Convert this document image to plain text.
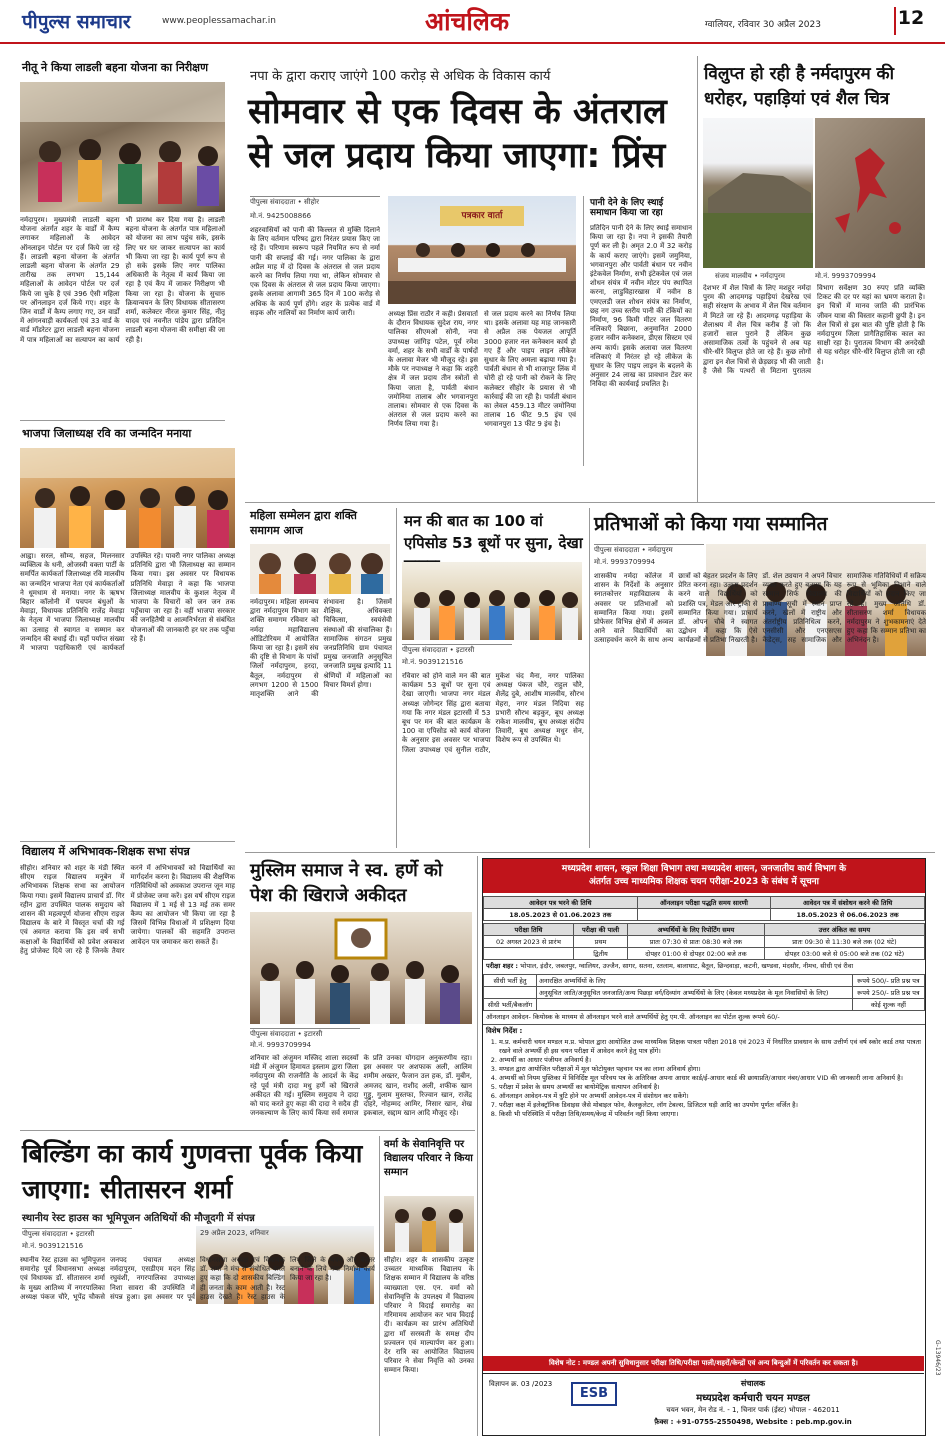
पीपुल्स समाचार	www.peoplessamachar.in	आंचलिक	ग्वालियर, रविवार 30 अप्रैल 2023	12
नीतू ने किया लाडली बहना योजना का निरीक्षण
नर्मदापुरम। मुख्यमंत्री लाडली बहना योजना अंतर्गत शहर के वार्डों में कैम्प लगाकर महिलाओं के आवेदन ऑनलाइन पोर्टल पर दर्ज किये जा रहे हैं। लाडली बहना योजना के अंतर्गत लाडली बहना योजना के अंतर्गत 29 तारीख तक लगभग 15,144 महिलाओं के आवेदन पोर्टल पर दर्ज किये जा चुके है एवं 396 ऐसी महिला पर ऑनलाइन दर्ज किये गए। शहर के जिन वार्डों में कैम्प लगाए गए, उन वार्डों में आंगनवाड़ी कार्यकर्ता एवं 33 वार्ड के वार्ड मॉडरेटर द्वारा लाडली बहना योजना में पात्र महिलाओं का सत्यापन का कार्य भी प्रारम्भ कर दिया गया है। लाडली बहना योजना के अंतर्गत पात्र महिलाओं को योजना का लाभ पहुंच सके, इसके लिए घर घर जाकर सत्यापन का कार्य भी किया जा रहा है। कार्य पूर्ण रूप से हो सके इसके लिए नगर पालिका अधिकारी के नेतृत्व में कार्य किया जा रहा है एवं कैंप में जाकर निरीक्षण भी किया जा रहा है। योजना के सुचारु क्रियान्वयन के लिए विधायक सीतासरण शर्मा, कलेक्टर नीरज कुमार सिंह, नीतू यादव एवं नवनीत पांडेय द्वारा प्रतिदिन लाडली बहना योजना की समीक्षा की जा रही है।
भाजपा जिलाध्यक्ष रवि का जन्मदिन मनाया
आह्वा। सरल, सौम्य, सहज, मिलनसार व्यक्तित्व के धनी, ओजस्वी वक्ता पार्टी के समर्पित कार्यकर्ता जिलाध्यक्ष रवि मालवीय का जन्मदिन भाजपा नेता एवं कार्यकर्ताओं ने धूमधाम से मनाया। नगर के ऋषभ बिहार कॉलोनी में पचपन बंधुओं के मेवाड़ा, विधायक प्रतिनिधि राजेंद्र मेवाड़ा के नेतृत्व में भाजपा जिलाध्यक्ष मालवीय का उत्साह से स्वागत व सम्मान कर जन्मदिन की बधाई दी। यहाँ पर्याप्त संख्या में भाजपा पदाधिकारी एवं कार्यकर्ता उपस्थित रहे। पावरी नगर पालिका अध्यक्ष प्रतिनिधि द्वारा भी जिलाध्यक्ष का सम्मान किया गया। इस अवसर पर विधायक प्रतिनिधि मेवाड़ा ने कहा कि भाजपा जिलाध्यक्ष मालवीय के कुशल नेतृत्व में भाजपा के विचारों को जन जन तक पहुँचाया जा रहा है। वहीं भाजपा सरकार की जनहितैषी व आत्मनिर्भरता से संबंधित योजनाओं की जानकारी हर घर तक पहुँचा रहे हैं।
विद्यालय में अभिभावक-शिक्षक सभा संपन्न
सीहोर। शनिवार को शहर के मंडी स्थित सीएम राइज विद्यालय मनूबेन में अभिभावक शिक्षक सभा का आयोजन किया गया। इसमें विद्यालय प्राचार्य डॉ. गिर रहीन द्वारा उपस्थित पालक समुदाय को शासन की महत्वपूर्ण योजना सीएम राइज विद्यालय के बारे में विस्तृत चर्चा की गई एवं अवगत कराया कि इस वर्ष सभी कक्षाओं के विद्यार्थियों को प्रवेश अवकाश हेतु प्रोजेक्ट दिये जा रहे हैं जिनके तैयार करने में अभिभावकों को विद्यार्थियों का मार्गदर्शन करना है। विद्यालय की शैक्षणिक गतिविधियों को अवकाश उपरान्त जून माह में प्रोजेक्ट जमा करें। इस वर्ष सीएम राइज विद्यालय में 1 मई से 13 मई तक समर कैम्प का आयोजन भी किया जा रहा है जिसमें विभिन्न विधाओं में प्रशिक्षण दिया जायेगा। पालकों की सहमति उपरान्त आवेदन पत्र जमाकर करा सकते हैं।
नपा के द्वारा कराए जाएंगे 100 करोड़ से अधिक के विकास कार्य
सोमवार से एक दिवस के अंतराल से जल प्रदाय किया जाएगा: प्रिंस
पीपुल्स संवाददाता • सीहोर
मो.नं. 9425008866
शहरवासियों को पानी की किल्लत से मुक्ति दिलाने के लिए वर्तमान परिषद द्वारा निरंतर प्रयास किए जा रहे हैं। परिणाम स्वरूप पहले नियमित रूप से नर्मा पानी की सप्लाई की गई। नगर पालिका के द्वारा अप्रैल माह में दो दिवस के अंतराल से जल प्रदाय करने का निर्णय लिया गया था, लेकिन सोमवार से एक दिवस के अंतराल से जल प्रदाय किया जाएगा। इसके अलावा आगामी 365 दिन में 100 करोड़ से अधिक के कार्य पूर्ण होंगे। शहर के प्रत्येक वार्ड में सड़क और नालियों का निर्माण कार्य जारी।
पत्रकार वार्ता
अध्यक्ष प्रिंस राठौर ने कही। प्रेसवार्ता के दौरान विधायक सुदेश राय, नगर पालिका सीएमओ सोनी, नपा उपाध्यक्ष जांगिड़ पटेल, पूर्व रमेश वर्मा, शहर के सभी वार्डों के पार्षदों के अलावा मेजर भी मौजूद रहे। इस मौके पर नपाध्यक्ष ने कहा कि शहरी क्षेत्र में जल प्रदाय तीन स्त्रोतों से किया जाता है, पार्वती बंधान जमोनिया तालाब और भगवानपुरा तालाब। सोमवार से एक दिवस के अंतराल से जल प्रदाय करने का निर्णय लिया गया है।
से जल प्रदाय करने का निर्णय लिया था। इसके अलावा यह माह जानकारी से अप्रैल तक पेयजल आपूर्ति 3000 हजार नल कनेक्शन कार्य हो गए हैं और पाइप लाइन लीकेज सुधार के लिए अमला बढ़ाया गया है। पार्वती बंधान से भी शाजापुर लिंक में चोरी हो रहे पानी को रोकने के लिए कलेक्टर सीहोर के प्रयास से भी कार्रवाई की जा रही है। पार्वती बंधान का लेवल 459.13 मीटर जमोनिया तालाब 16 फीट 9.5 इंच एवं भगवानपुरा 13 फीट 9 इंच है।
पानी देने के लिए स्थाई समाधान किया जा रहा
प्रतिदिन पानी देने के लिए स्थाई समाधान किया जा रहा है। नपा ने इसकी तैयारी पूर्ण कर ली है। अमृत 2.0 में 32 करोड़ के कार्य कराए जाएंगे। इसमें जमुनिया, भगवानपुरा और पार्वती बंधान पर नवीन इंटेकवेल निर्माण, सभी इंटेकवेल एवं जल शोधन संयंत्र में नवीन मोटर पंप स्थापित करना, लाडुविहारखास में नवीन 8 एमएलडी जल शोधन संयंत्र का निर्माण, छह नग उच्च स्तरीय पानी की टंकियों का निर्माण, 96 किमी मीटर जल वितरण नलिकाएँ बिछाना, अनुमानित 2000 हजार नवीन कनेक्शन, डीएस सिस्टम एवं अन्य कार्य। इसके अलावा जल वितरण नलिकाएं में निरंतर हो रहे लीकेज के सुधार के लिए पाइप लाइन के बदलने के अनुसार 24 लाख का प्रावधान टेंडर कर निविदा की कार्यवाई प्रचलित है।
विलुप्त हो रही है नर्मदापुरम की धरोहर, पहाड़ियां एवं शैल चित्र
संजय मालवीय • नर्मदापुरम	मो.नं. 9993709994
देशभर में शैल चित्रों के लिए मशहूर नर्मदा पुरम की आदमगढ़ पहाड़ियां देखरेख एवं सही संरक्षण के अभाव में शैल चित्र वर्तमान में मिटते जा रहे हैं। आदमगढ़ पहाड़िया के शैलाश्रय में शैल चित्र करीब हैं जो कि हजारों साल पुराने हैं लेकिन कुछ असामाजिक तत्वों के पहुंचने से अब यह धीरे-धीरे विलुप्त होते जा रहे हैं। कुछ लोगों द्वारा इन शैल चित्रों से छेड़छाड़ भी की जाती है जैसे कि पत्थरों से मिटाना पुरातत्व विभाग सर्वेक्षण 30 रुपए प्रति व्यक्ति टिकट की दर पर यहां का भ्रमण कराता है। इन चित्रों में मानव जाति की प्रारंभिक जीवन यात्रा की विस्तार कहानी छुपी है। इन शैल चित्रों से इस बात की पुष्टि होती है कि नर्मदापुरम जिला प्रागैतिहासिक काल का साक्षी रहा है। पुरातत्व विभाग की अनदेखी से यह धरोहर धीरे-धीरे विलुप्त होती जा रही है।
महिला सम्मेलन द्वारा शक्ति समागम आज
नर्मदापुरम। महिला समन्वय द्वारा नर्मदापुरम विभाग का शक्ति समागम रविवार को नर्मदा महाविद्यालय ऑडिटोरियम में आयोजित किया जा रहा है। इसमें संघ की दृष्टि से विभाग के पांचों जिलों नर्मदापुरम, हरदा, बैतूल, नर्मदापुरम से लगभग 1200 से 1500 मातृशक्ति आने की संभावना है। जिसमें शैक्षिक, अधिवक्ता चिकित्सा, स्वयंसेवी संस्थाओं की संचालिका हैं। सामाजिक संगठन प्रमुख जनप्रतिनिधि ग्राम पंचायत प्रमुख जनजाति अनुसूचित जनजाति प्रमुख इत्यादि 11 श्रेणियों में महिलाओं का विचार विमर्श होगा।
मन की बात का 100 वां एपिसोड 53 बूथों पर सुना, देखा
पीपुल्स संवाददाता • इटारसी
मो.नं. 9039121516
रविवार को होने वाले मन की बात कार्यक्रम 53 बूथों पर सुना एवं देखा जाएगी। भाजपा नगर मंडल अध्यक्ष जोगेन्दर सिंह द्वारा बताया गया कि नगर मंडल इटारसी में 53 बूथ पर मन की बात कार्यक्रम के 100 वा एपिसोड को कार्य योजना के अनुसार इस अवसर पर भाजपा जिला उपाध्यक्ष एवं सुनील राठौर, मुकेश चंद मैना, नगर पालिका अध्यक्ष पंकज चौरे, राहुल चौरे, शैलेंद्र दुबे, आशीष मालवीय, सौरभ मेहरा, नगर मंडल निदिया सह प्रभारी सौरभ बड़कुर, बूथ अध्यक्ष राकेश मालवीय, बूथ अध्यक्ष संदीप तिवारी, बूथ अध्यक्ष मधुर सेन, विशेष रूप से उपस्थित थे।
प्रतिभाओं को किया गया सम्मानित
पीपुल्स संवाददाता • नर्मदापुरम
मो.नं. 9993709994
शासकीय नर्मदा कॉलेज में शासन के निर्देशों के अनुसार स्नातकोत्तर महाविद्यालय के अवसर पर प्रतिभाओं को सम्मानित किया गया। इसमें प्रोफेसर विभिन्न क्षेत्रों में अव्वल आने वाले विद्यार्थियों का उत्साहवर्धन करने के साथ अन्य छात्रों को बेहतर प्रदर्शन के लिए प्रेरित करना रहा। उत्कृष्ट प्रदर्शन करने वाले विद्यार्थियों को प्रशस्ति पत्र, मेडल और ट्रॉफी से सम्मानित किया गया। प्राचार्य डॉ. ओपन चौबे ने स्वागत उद्बोधन में कहा कि ऐसे कार्यक्रमों से प्रतिभा निखरती है। डॉ. शेल ठ्ययान ने अपने विचार व्यक्त करते हुए बताया कि यह सम्मान सिर्फ विद्यालय की प्रावीण्य सूची में स्थान प्राप्त करने, खेलों में राष्ट्रीय और अंतर्राष्ट्रीय प्रतिनिधित्व करने, एनसीसी और एनएसएस कैडेट्स, सह सामाजिक और सामाजिक गतिविधियों में सक्रिय रूप से भूमिका निभाने वाले विद्यार्थियों को प्रदान किए जा रहे हैं। मुख्य अतिथि डॉ. सीतासरण शर्मा विधायक नर्मदापुरम ने शुभकामनाएं देते हुए कहा कि सम्मान प्रतिभा का अभिनंदन है।
मुस्लिम समाज ने स्व. हर्णे को पेश की खिराजे अकीदत
पीपुल्स संवाददाता • इटारसी
मो.नं. 9993709994
शनिवार को अंजुमन मस्जिद शाला सदस्यों मंडी में अंजुमन हिमायत इस्लाम द्वारा जिला नर्मदापुरम की राजनीति के आदर्श के केंद्र रहे पूर्व मंत्री दादा मधु हर्णे को खिराजे अकीदत की गई। मुस्लिम समुदाय ने दादा को याद करते हुए कहा की दादा ने सदैव ही जनकल्याण के लिए कार्य किया सर्व समाज के प्रति उनका योगदान अनुकरणीय रहा। इस अवसर पर अशफाक अली, आलिम शमीम अख्तर, फैजान उल हक, डॉ. मुबीन, अमजद खान, राशीद अली, शफीक खान गुड्डु, गुलाम मुस्तफा, रिज्वान खान, राजेंद्र दोहरे, नोहम्मद आमिर, निसार खान, शेख इकबाल, सद्दाम खान आदि मौजूद रहे।
बिल्डिंग का कार्य गुणवत्ता पूर्वक किया जाएगा: सीतासरन शर्मा
स्थानीय रेस्ट हाउस का भूमिपूजन अतिथियों की मौजूदगी में संपन्न
पीपुल्स संवाददाता • इटारसी
मो.नं. 9039121516
29 अप्रैल 2023, शनिवार
स्थानीय रेस्ट हाउस का भूमिपूजन समारोह पूर्व विधानसभा अध्यक्ष एवं विधायक डॉ. सीतासरन शर्मा के मुख्य आतिथ्य में नगरपालिका अध्यक्ष पंकज चौरे, भूपेंद्र चौकसे जनपद पंचायत अध्यक्ष नर्मदापुरम, एसडीएम मदन सिंह रघुवंशी, नगरपालिका उपाध्यक्ष निशा सावरा की उपस्थिति में संपन्न हुआ। इस अवसर पर पूर्व विधानसभा अध्यक्ष एवं विधायक डॉ. शर्मा ने मंच से संबोधित करते हुए कहा कि दो शासकीय बिल्डिंग ही जनता के काम आती है। रेस्ट हाउस देखते है। रेस्ट हाउस के लिए जिले के भवन और बेहतर बनाने के लिये नया निर्माण कार्य किया जा रहा है।
वर्मा के सेवानिवृत्ति पर विद्यालय परिवार ने किया सम्मान
सीहोर। शहर के शासकीय उत्कृष्ट उच्चतर माध्यमिक विद्यालय के शिक्षक सम्मान में विद्यालय के वरिष्ठ व्याख्याता एस. एन. वर्मा को सेवानिवृत्ति के उपलक्ष्य में विद्यालय परिवार ने विदाई समारोह का गरिमामय आयोजन कर भाव विदाई दी। कार्यक्रम का प्रारंभ अतिथियों द्वारा माँ सरस्वती के समक्ष दीप प्रज्वलन एवं माल्यार्पण कर हुआ। देर रात्रि का आयोजित विद्यालय परिवार ने सेवा निवृत्ति को उनका सम्मान किया।
मध्यप्रदेश शासन, स्कूल शिक्षा विभाग तथा मध्यप्रदेश शासन, जनजातीय कार्य विभाग के
अंतर्गत उच्च माध्यमिक शिक्षक चयन परीक्षा-2023 के संबंध में सूचना
आवेदन पत्र भरने की तिथि	ऑनलाइन परीक्षा पद्धति समय सारणी	आवेदन पत्र में संशोधन करने की तिथि
18.05.2023 से 01.06.2023 तक		18.05.2023 से 06.06.2023 तक
परीक्षा तिथि	परीक्षा की पाली	अभ्यर्थियों के लिए रिपोर्टिंग समय	उत्तर अंकित का समय
02 अगस्त 2023 से प्रारंभ	प्रथम	प्रातः 07:30 से प्रातः 08:30 बजे तक	प्रातः 09:30 से 11:30 बजे तक (02 घंटे)
	द्वितीय	दोपहर 01:00 से दोपहर 02:00 बजे तक	दोपहर 03:00 बजे से 05:00 बजे तक (02 घंटे)
परीक्षा शहर : भोपाल, इंदौर, जबलपुर, ग्वालियर, उज्जैन, सागर, सतना, रतलाम, बालाघाट, बैतूल, छिन्दवाड़ा, कटनी, खण्डवा, मंदसौर, नीमच, सीधी एवं रीवा
सीधी भर्ती हेतु	अनारक्षित अभ्यर्थियों के लिए	रूपये 500/- प्रति प्रश्न पत्र
	अनुसूचित जाति/अनुसूचित जनजाति/अन्य पिछड़ा वर्ग/दिव्यांग अभ्यर्थियों के लिए (केवल मध्यप्रदेश के मूल निवासियों के लिए)	रूपये 250/- प्रति प्रश्न पत्र
सीधी भर्ती/बैकलॉग		कोई शुल्क नहीं
ऑनलाइन आवेदन- कियोस्क के माध्यम से ऑनलाइन भरने वाले अभ्यर्थियों हेतु एम.पी. ऑनलाइन का पोर्टल शुल्क रूपये 60/-
विशेष निर्देश :
1. म.प्र. कर्मचारी चयन मण्डल म.प्र. भोपाल द्वारा आयोजित उच्च माध्यमिक शिक्षक पात्रता परीक्षा 2018 एवं 2023 में निर्धारित प्रावधान के साथ उत्तीर्ण एवं वर्ष स्कोर कार्ड तथा पात्रता रखने वाले अभ्यर्थी ही इस चयन परीक्षा में आवेदन करने हेतु पात्र होंगे।
2. अभ्यर्थी का आधार पंजीयन अनिवार्य है।
3. मण्डल द्वारा आयोजित परीक्षाओं में मूल फोटोयुक्त पहचान पत्र का लाना अनिवार्य होगा।
4. अभ्यर्थी को नियम पुस्तिका में विनिर्दिष्ट मूल परिचय पत्र के अतिरिक्त अपना आधार कार्ड/ई-आधार कार्ड की छायाप्रति/आधार नंबर/आधार VID की जानकारी लाना अनिवार्य है।
5. परीक्षा में प्रवेश के समय अभ्यर्थी का बायोमेट्रिक सत्यापन अनिवार्य है।
6. ऑनलाइन आवेदन-पत्र में त्रुटि होने पर अभ्यर्थी आवेदन-पत्र में संशोधन कर सकेंगे।
7. परीक्षा कक्ष में इलेक्ट्रॉनिक डिवाइस जैसे मोबाइल फोन, कैलकुलेटर, लॉग टेबल्स, डिजिटल घड़ी आदि का उपयोग पूर्णतः वर्जित है।
8. किसी भी परिस्थिति में परीक्षा तिथि/समय/केन्द्र में परिवर्तन नहीं किया जाएगा।
विशेष नोट : मण्डल अपनी सुविधानुसार परीक्षा तिथि/परीक्षा पाली/शहरों/केन्द्रों एवं अन्य बिन्दुओं में परिवर्तन कर सकता है।
विज्ञापन क्र. 03 /2023
ESB
संचालक
मध्यप्रदेश कर्मचारी चयन मण्डल
चयन भवन, मेन रोड नं. - 1, चिनार पार्क (ईस्ट) भोपाल - 462011
फ़ैक्स : +91-0755-2550498, Website : peb.mp.gov.in
G-13946/23
